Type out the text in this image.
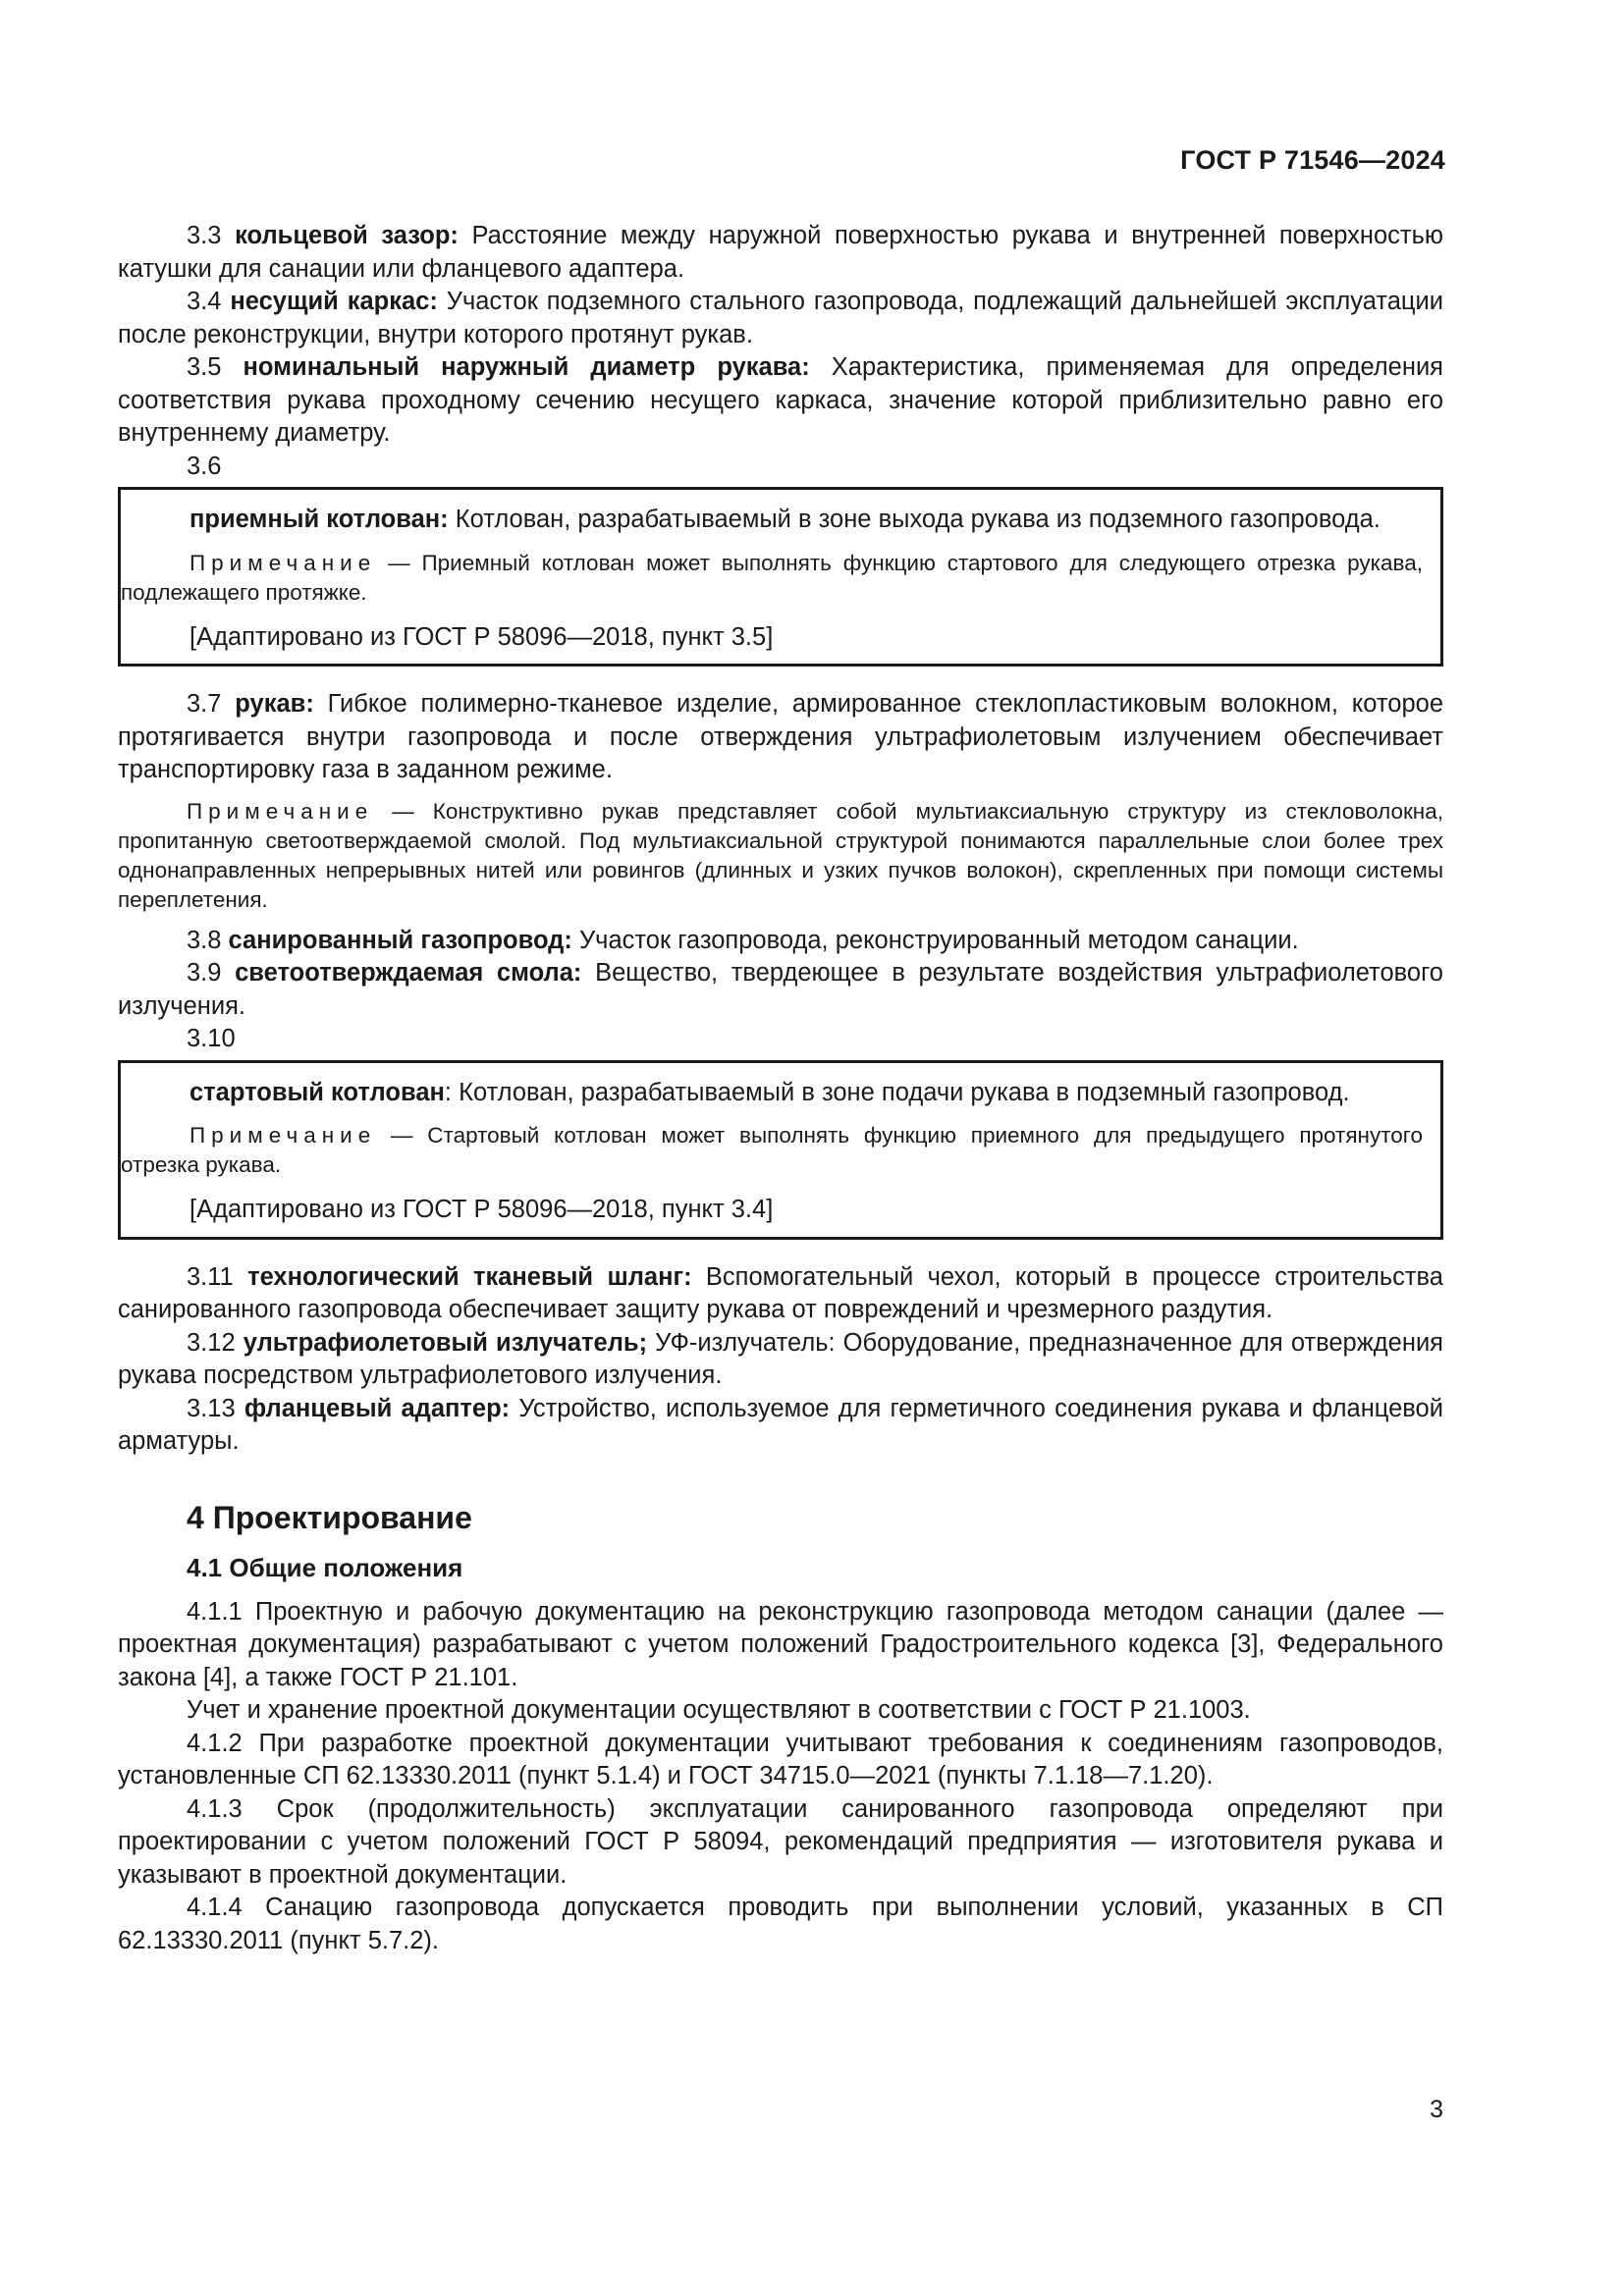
ГОСТ Р 71546—2024

3.3 кольцевой зазор: Расстояние между наружной поверхностью рукава и внутренней поверхностью катушки для санации или фланцевого адаптера.

3.4 несущий каркас: Участок подземного стального газопровода, подлежащий дальнейшей эксплуатации после реконструкции, внутри которого протянут рукав.

3.5 номинальный наружный диаметр рукава: Характеристика, применяемая для определения соответствия рукава проходному сечению несущего каркаса, значение которой приблизительно равно его внутреннему диаметру.

3.6

приемный котлован: Котлован, разрабатываемый в зоне выхода рукава из подземного газопровода.

Примечание — Приемный котлован может выполнять функцию стартового для следующего отрезка рукава, подлежащего протяжке.

[Адаптировано из ГОСТ Р 58096—2018, пункт 3.5]

3.7 рукав: Гибкое полимерно-тканевое изделие, армированное стеклопластиковым волокном, которое протягивается внутри газопровода и после отверждения ультрафиолетовым излучением обеспечивает транспортировку газа в заданном режиме.

Примечание — Конструктивно рукав представляет собой мультиаксиальную структуру из стекловолокна, пропитанную светоотверждаемой смолой. Под мультиаксиальной структурой понимаются параллельные слои более трех однонаправленных непрерывных нитей или ровингов (длинных и узких пучков волокон), скрепленных при помощи системы переплетения.

3.8 санированный газопровод: Участок газопровода, реконструированный методом санации.

3.9 светоотверждаемая смола: Вещество, твердеющее в результате воздействия ультрафиолетового излучения.

3.10

стартовый котлован: Котлован, разрабатываемый в зоне подачи рукава в подземный газопровод.

Примечание — Стартовый котлован может выполнять функцию приемного для предыдущего протянутого отрезка рукава.

[Адаптировано из ГОСТ Р 58096—2018, пункт 3.4]

3.11 технологический тканевый шланг: Вспомогательный чехол, который в процессе строительства санированного газопровода обеспечивает защиту рукава от повреждений и чрезмерного раздутия.

3.12 ультрафиолетовый излучатель; УФ-излучатель: Оборудование, предназначенное для отверждения рукава посредством ультрафиолетового излучения.

3.13 фланцевый адаптер: Устройство, используемое для герметичного соединения рукава и фланцевой арматуры.

4 Проектирование
4.1 Общие положения

4.1.1 Проектную и рабочую документацию на реконструкцию газопровода методом санации (далее — проектная документация) разрабатывают с учетом положений Градостроительного кодекса [3], Федерального закона [4], а также ГОСТ Р 21.101.

Учет и хранение проектной документации осуществляют в соответствии с ГОСТ Р 21.1003.

4.1.2 При разработке проектной документации учитывают требования к соединениям газопроводов, установленные СП 62.13330.2011 (пункт 5.1.4) и ГОСТ 34715.0—2021 (пункты 7.1.18—7.1.20).

4.1.3 Срок (продолжительность) эксплуатации санированного газопровода определяют при проектировании с учетом положений ГОСТ Р 58094, рекомендаций предприятия — изготовителя рукава и указывают в проектной документации.

4.1.4 Санацию газопровода допускается проводить при выполнении условий, указанных в СП 62.13330.2011 (пункт 5.7.2).

3
